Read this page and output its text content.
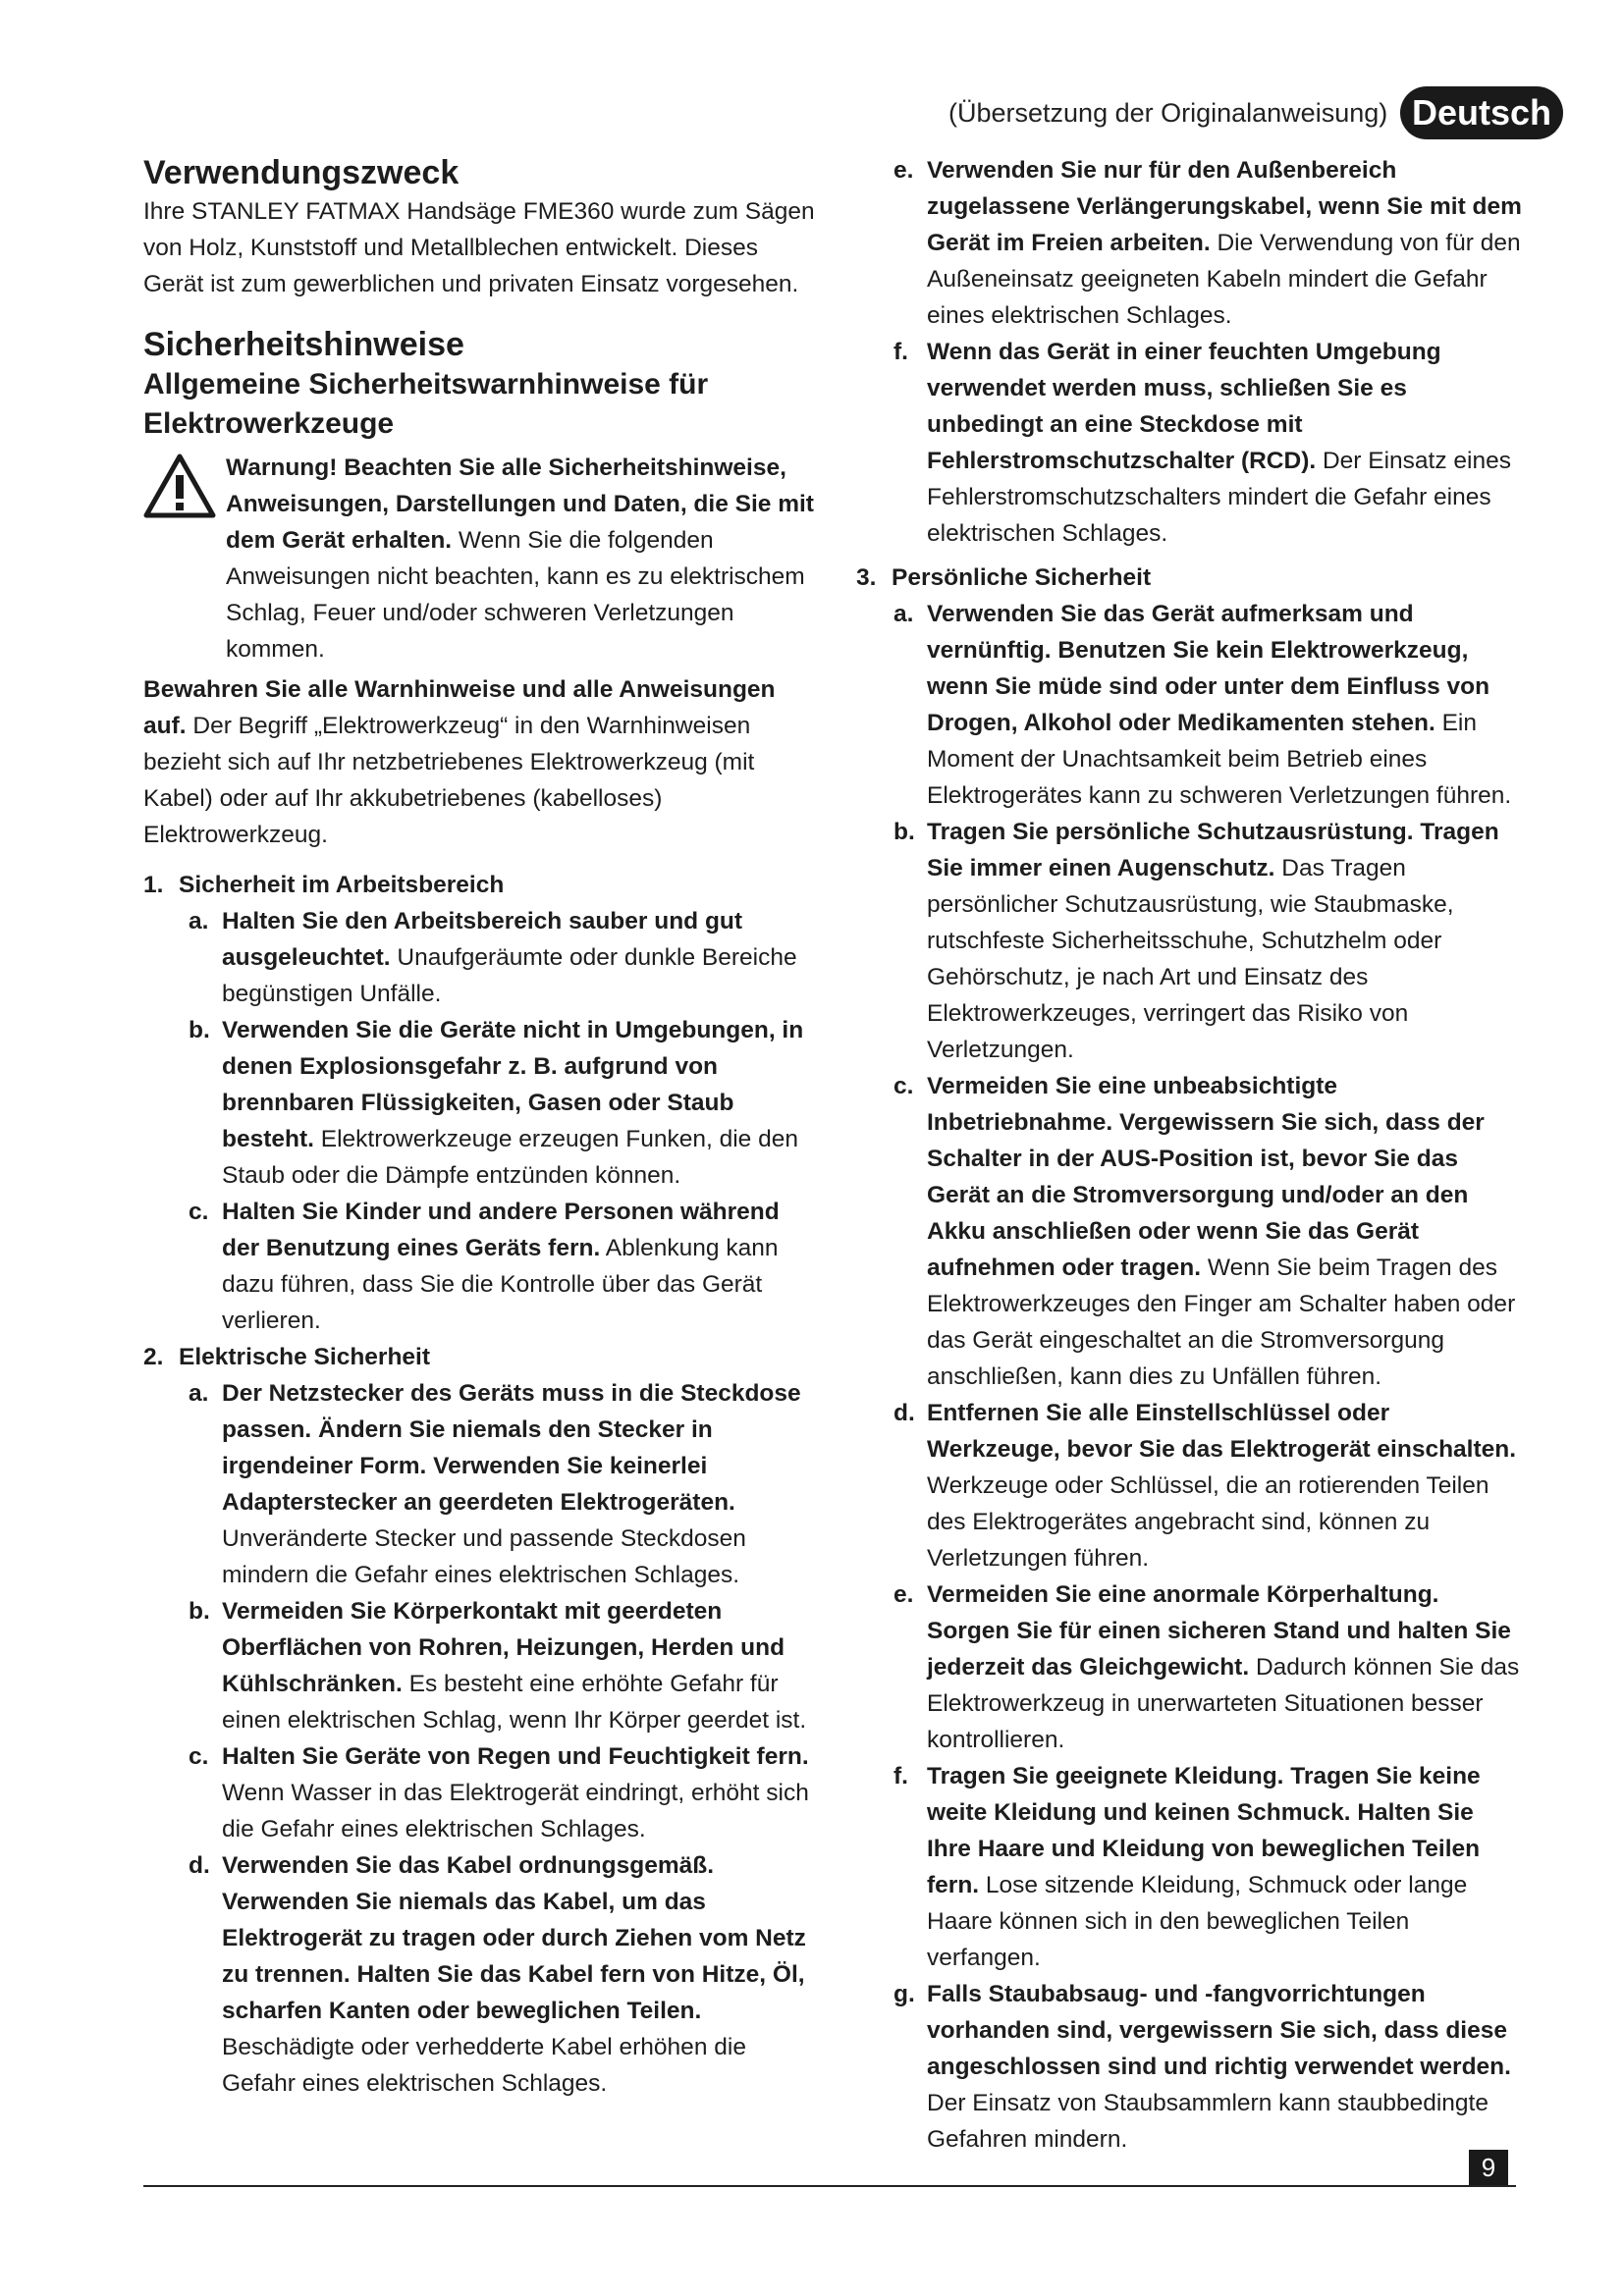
(Übersetzung der Originalanweisung) Deutsch

Verwendungszweck

Ihre STANLEY FATMAX Handsäge FME360 wurde zum Sägen von Holz, Kunststoff und Metallblechen entwickelt. Dieses Gerät ist zum gewerblichen und privaten Einsatz vorgesehen.

Sicherheitshinweise

Allgemeine Sicherheitswarnhinweise für Elektrowerkzeuge

Warnung! Beachten Sie alle Sicherheitshinweise, Anweisungen, Darstellungen und Daten, die Sie mit dem Gerät erhalten. Wenn Sie die folgenden Anweisungen nicht beachten, kann es zu elektrischem Schlag, Feuer und/oder schweren Verletzungen kommen.

Bewahren Sie alle Warnhinweise und alle Anweisungen auf. Der Begriff „Elektrowerkzeug“ in den Warnhinweisen bezieht sich auf Ihr netzbetriebenes Elektrowerkzeug (mit Kabel) oder auf Ihr akkubetriebenes (kabelloses) Elektrowerkzeug.

1. Sicherheit im Arbeitsbereich

a. Halten Sie den Arbeitsbereich sauber und gut ausgeleuchtet. Unaufgeräumte oder dunkle Bereiche begünstigen Unfälle.
b. Verwenden Sie die Geräte nicht in Umgebungen, in denen Explosionsgefahr z. B. aufgrund von brennbaren Flüssigkeiten, Gasen oder Staub besteht. Elektrowerkzeuge erzeugen Funken, die den Staub oder die Dämpfe entzünden können.
c. Halten Sie Kinder und andere Personen während der Benutzung eines Geräts fern. Ablenkung kann dazu führen, dass Sie die Kontrolle über das Gerät verlieren.

2. Elektrische Sicherheit

a. Der Netzstecker des Geräts muss in die Steckdose passen. Ändern Sie niemals den Stecker in irgendeiner Form. Verwenden Sie keinerlei Adapterstecker an geerdeten Elektrogeräten. Unveränderte Stecker und passende Steckdosen mindern die Gefahr eines elektrischen Schlages.
b. Vermeiden Sie Körperkontakt mit geerdeten Oberflächen von Rohren, Heizungen, Herden und Kühlschränken. Es besteht eine erhöhte Gefahr für einen elektrischen Schlag, wenn Ihr Körper geerdet ist.
c. Halten Sie Geräte von Regen und Feuchtigkeit fern. Wenn Wasser in das Elektrogerät eindringt, erhöht sich die Gefahr eines elektrischen Schlages.
d. Verwenden Sie das Kabel ordnungsgemäß. Verwenden Sie niemals das Kabel, um das Elektrogerät zu tragen oder durch Ziehen vom Netz zu trennen. Halten Sie das Kabel fern von Hitze, Öl, scharfen Kanten oder beweglichen Teilen. Beschädigte oder verhedderte Kabel erhöhen die Gefahr eines elektrischen Schlages.
e. Verwenden Sie nur für den Außenbereich zugelassene Verlängerungskabel, wenn Sie mit dem Gerät im Freien arbeiten. Die Verwendung von für den Außeneinsatz geeigneten Kabeln mindert die Gefahr eines elektrischen Schlages.
f. Wenn das Gerät in einer feuchten Umgebung verwendet werden muss, schließen Sie es unbedingt an eine Steckdose mit Fehlerstromschutzschalter (RCD). Der Einsatz eines Fehlerstromschutzschalters mindert die Gefahr eines elektrischen Schlages.

3. Persönliche Sicherheit

a. Verwenden Sie das Gerät aufmerksam und vernünftig. Benutzen Sie kein Elektrowerkzeug, wenn Sie müde sind oder unter dem Einfluss von Drogen, Alkohol oder Medikamenten stehen. Ein Moment der Unachtsamkeit beim Betrieb eines Elektrogerätes kann zu schweren Verletzungen führen.
b. Tragen Sie persönliche Schutzausrüstung. Tragen Sie immer einen Augenschutz. Das Tragen persönlicher Schutzausrüstung, wie Staubmaske, rutschfeste Sicherheitsschuhe, Schutzhelm oder Gehörschutz, je nach Art und Einsatz des Elektrowerkzeuges, verringert das Risiko von Verletzungen.
c. Vermeiden Sie eine unbeabsichtigte Inbetriebnahme. Vergewissern Sie sich, dass der Schalter in der AUS-Position ist, bevor Sie das Gerät an die Stromversorgung und/oder an den Akku anschließen oder wenn Sie das Gerät aufnehmen oder tragen. Wenn Sie beim Tragen des Elektrowerkzeuges den Finger am Schalter haben oder das Gerät eingeschaltet an die Stromversorgung anschließen, kann dies zu Unfällen führen.
d. Entfernen Sie alle Einstellschlüssel oder Werkzeuge, bevor Sie das Elektrogerät einschalten. Werkzeuge oder Schlüssel, die an rotierenden Teilen des Elektrogerätes angebracht sind, können zu Verletzungen führen.
e. Vermeiden Sie eine anormale Körperhaltung. Sorgen Sie für einen sicheren Stand und halten Sie jederzeit das Gleichgewicht. Dadurch können Sie das Elektrowerkzeug in unerwarteten Situationen besser kontrollieren.
f. Tragen Sie geeignete Kleidung. Tragen Sie keine weite Kleidung und keinen Schmuck. Halten Sie Ihre Haare und Kleidung von beweglichen Teilen fern. Lose sitzende Kleidung, Schmuck oder lange Haare können sich in den beweglichen Teilen verfangen.
g. Falls Staubabsaug- und -fangvorrichtungen vorhanden sind, vergewissern Sie sich, dass diese angeschlossen sind und richtig verwendet werden. Der Einsatz von Staubsammlern kann staubbedingte Gefahren mindern.
9
